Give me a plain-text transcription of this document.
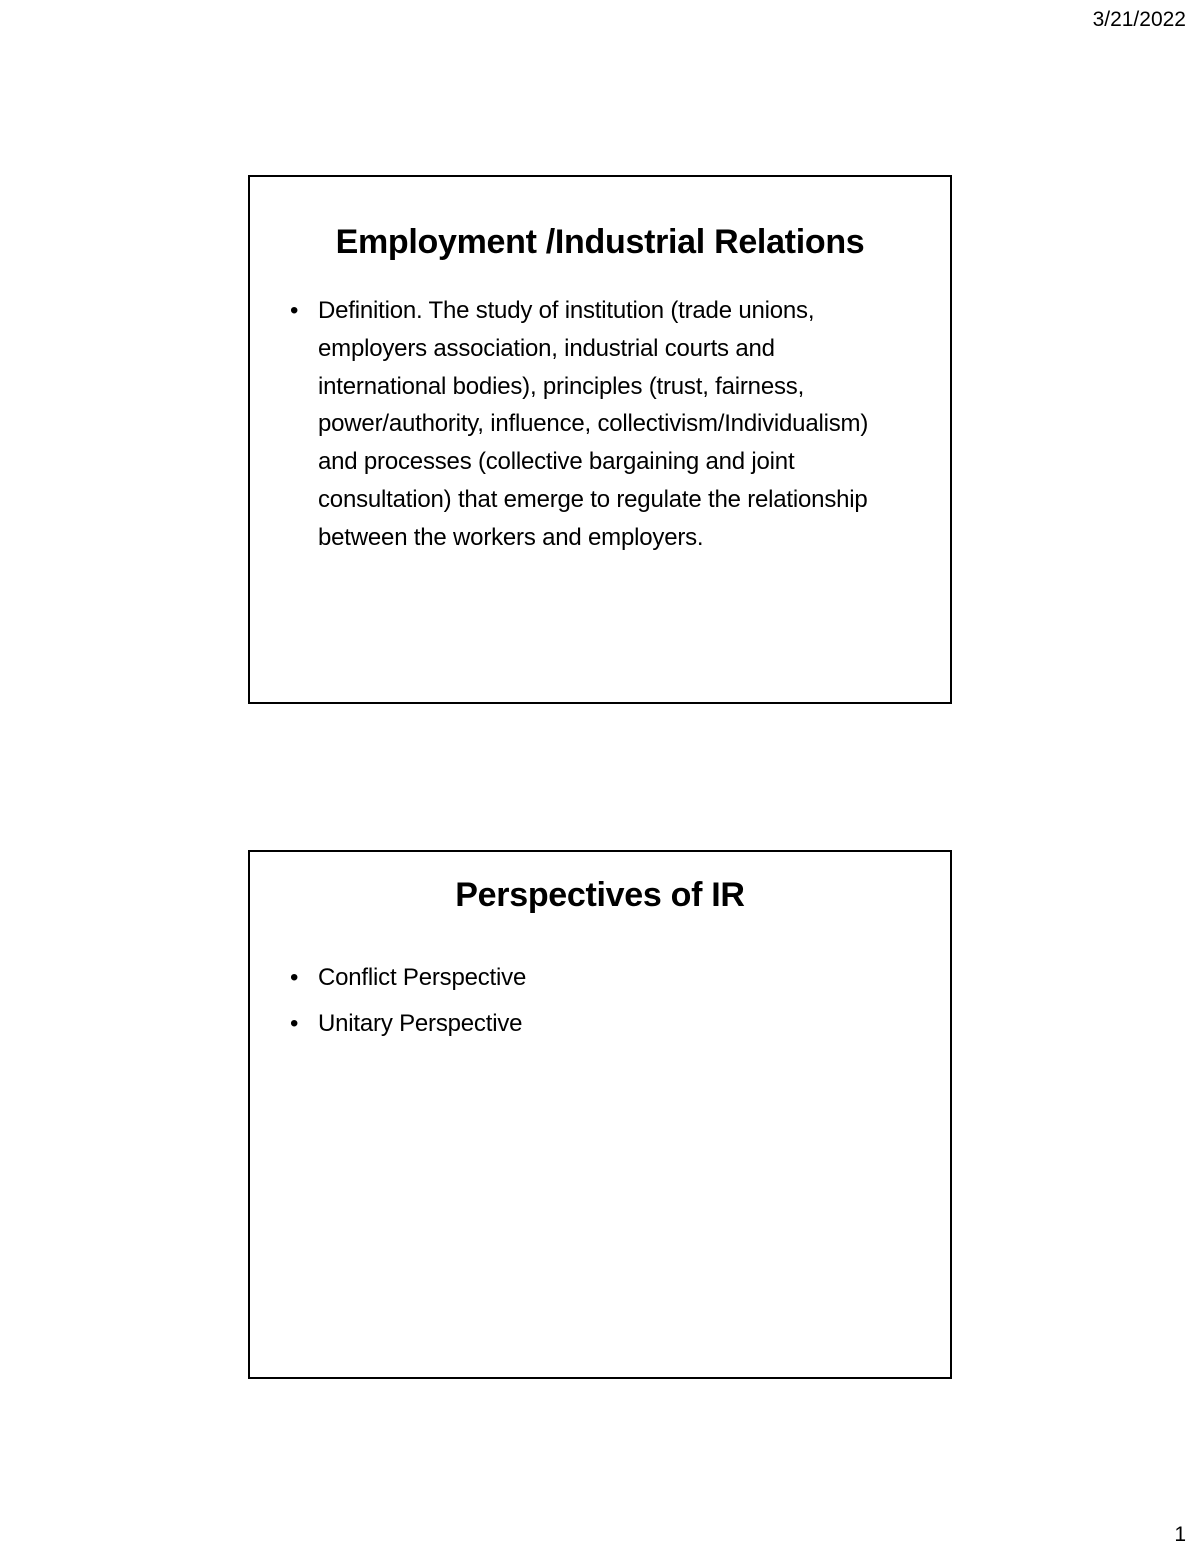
3/21/2022
Employment /Industrial Relations
• Definition. The study of institution (trade unions, employers association, industrial courts and international bodies), principles (trust, fairness, power/authority, influence, collectivism/Individualism) and processes (collective bargaining and joint consultation) that emerge to regulate the relationship between the workers and employers.
Perspectives of IR
• Conflict Perspective
• Unitary Perspective
1
